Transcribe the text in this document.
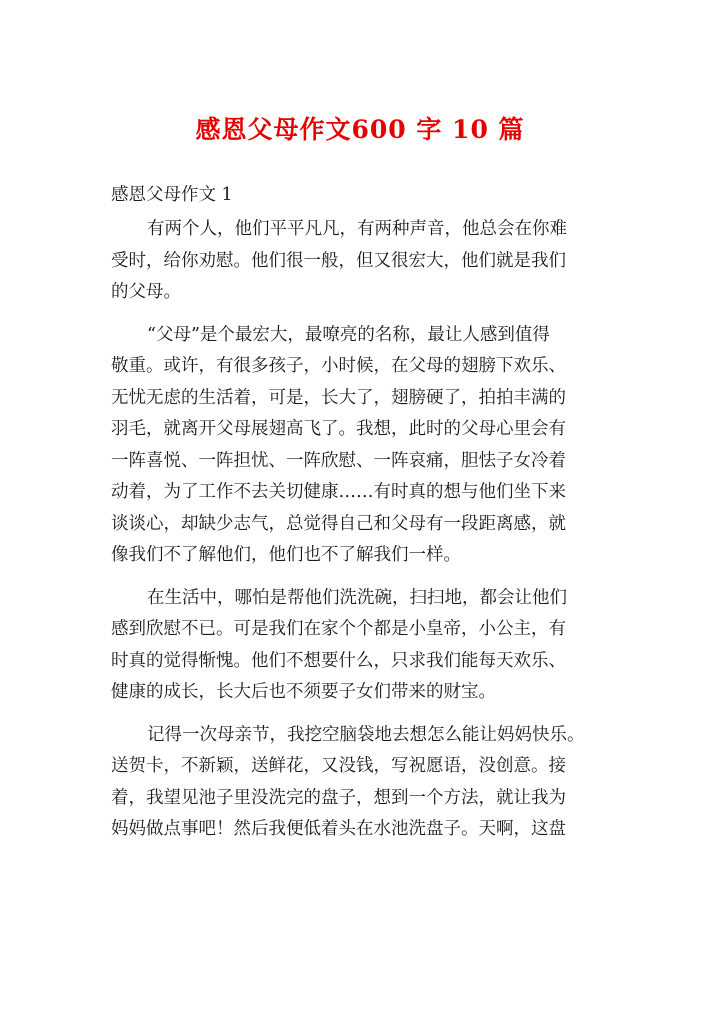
感恩父母作文600 字 10 篇

感恩父母作文 1

有两个人，他们平平凡凡，有两种声音，他总会在你难
受时，给你劝慰。他们很一般，但又很宏大，他们就是我们
的父母。

“父母”是个最宏大，最嘹亮的名称，最让人感到值得
敬重。或许，有很多孩子，小时候，在父母的翅膀下欢乐、
无忧无虑的生活着，可是，长大了，翅膀硬了，拍拍丰满的
羽毛，就离开父母展翅高飞了。我想，此时的父母心里会有
一阵喜悦、一阵担忧、一阵欣慰、一阵哀痛，胆怯子女冷着
动着，为了工作不去关切健康……有时真的想与他们坐下来
谈谈心，却缺少志气，总觉得自己和父母有一段距离感，就
像我们不了解他们，他们也不了解我们一样。

在生活中，哪怕是帮他们洗洗碗，扫扫地，都会让他们
感到欣慰不已。可是我们在家个个都是小皇帝，小公主，有
时真的觉得惭愧。他们不想要什么，只求我们能每天欢乐、
健康的成长，长大后也不须要子女们带来的财宝。

记得一次母亲节，我挖空脑袋地去想怎么能让妈妈快乐。
送贺卡，不新颖，送鲜花，又没钱，写祝愿语，没创意。接
着，我望见池子里没洗完的盘子，想到一个方法，就让我为
妈妈做点事吧！然后我便低着头在水池洗盘子。天啊，这盘
